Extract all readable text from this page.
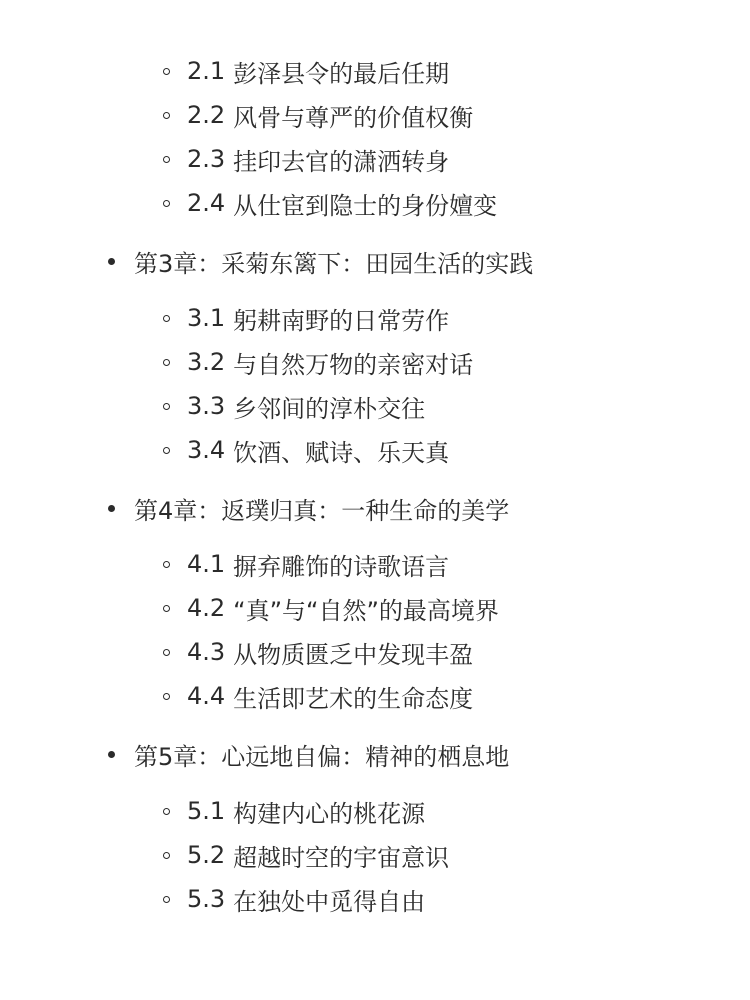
2.1 彭泽县令的最后任期
2.2 风骨与尊严的价值权衡
2.3 挂印去官的潇洒转身
2.4 从仕宦到隐士的身份嬗变
第3章：采菊东篱下：田园生活的实践
3.1 躬耕南野的日常劳作
3.2 与自然万物的亲密对话
3.3 乡邻间的淳朴交往
3.4 饮酒、赋诗、乐天真
第4章：返璞归真：一种生命的美学
4.1 摒弃雕饰的诗歌语言
4.2 “真”与“自然”的最高境界
4.3 从物质匮乏中发现丰盈
4.4 生活即艺术的生命态度
第5章：心远地自偏：精神的栖息地
5.1 构建内心的桃花源
5.2 超越时空的宇宙意识
5.3 在独处中觅得自由
